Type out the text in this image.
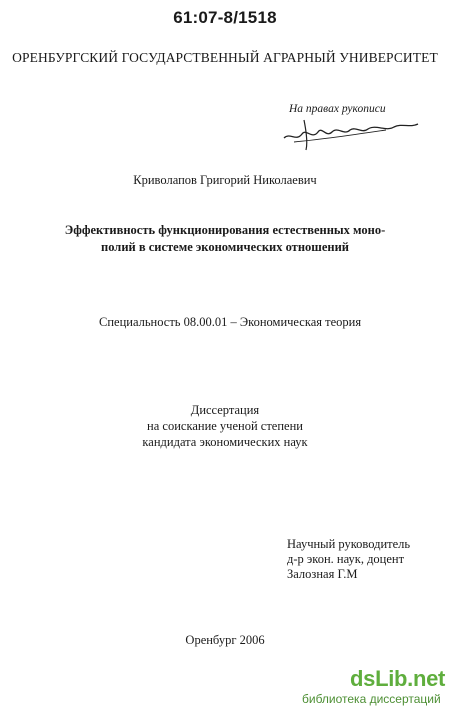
61:07-8/1518
ОРЕНБУРГСКИЙ ГОСУДАРСТВЕННЫЙ АГРАРНЫЙ УНИВЕРСИТЕТ
На правах рукописи
Криволапов Григорий Николаевич
Эффективность функционирования естественных моно-
полий в системе экономических отношений
Специальность 08.00.01 – Экономическая теория
Диссертация
на соискание ученой степени
кандидата экономических наук
Научный руководитель
д-р экон. наук, доцент
Залозная Г.М
Оренбург 2006
dsLib.net
библиотека диссертаций
